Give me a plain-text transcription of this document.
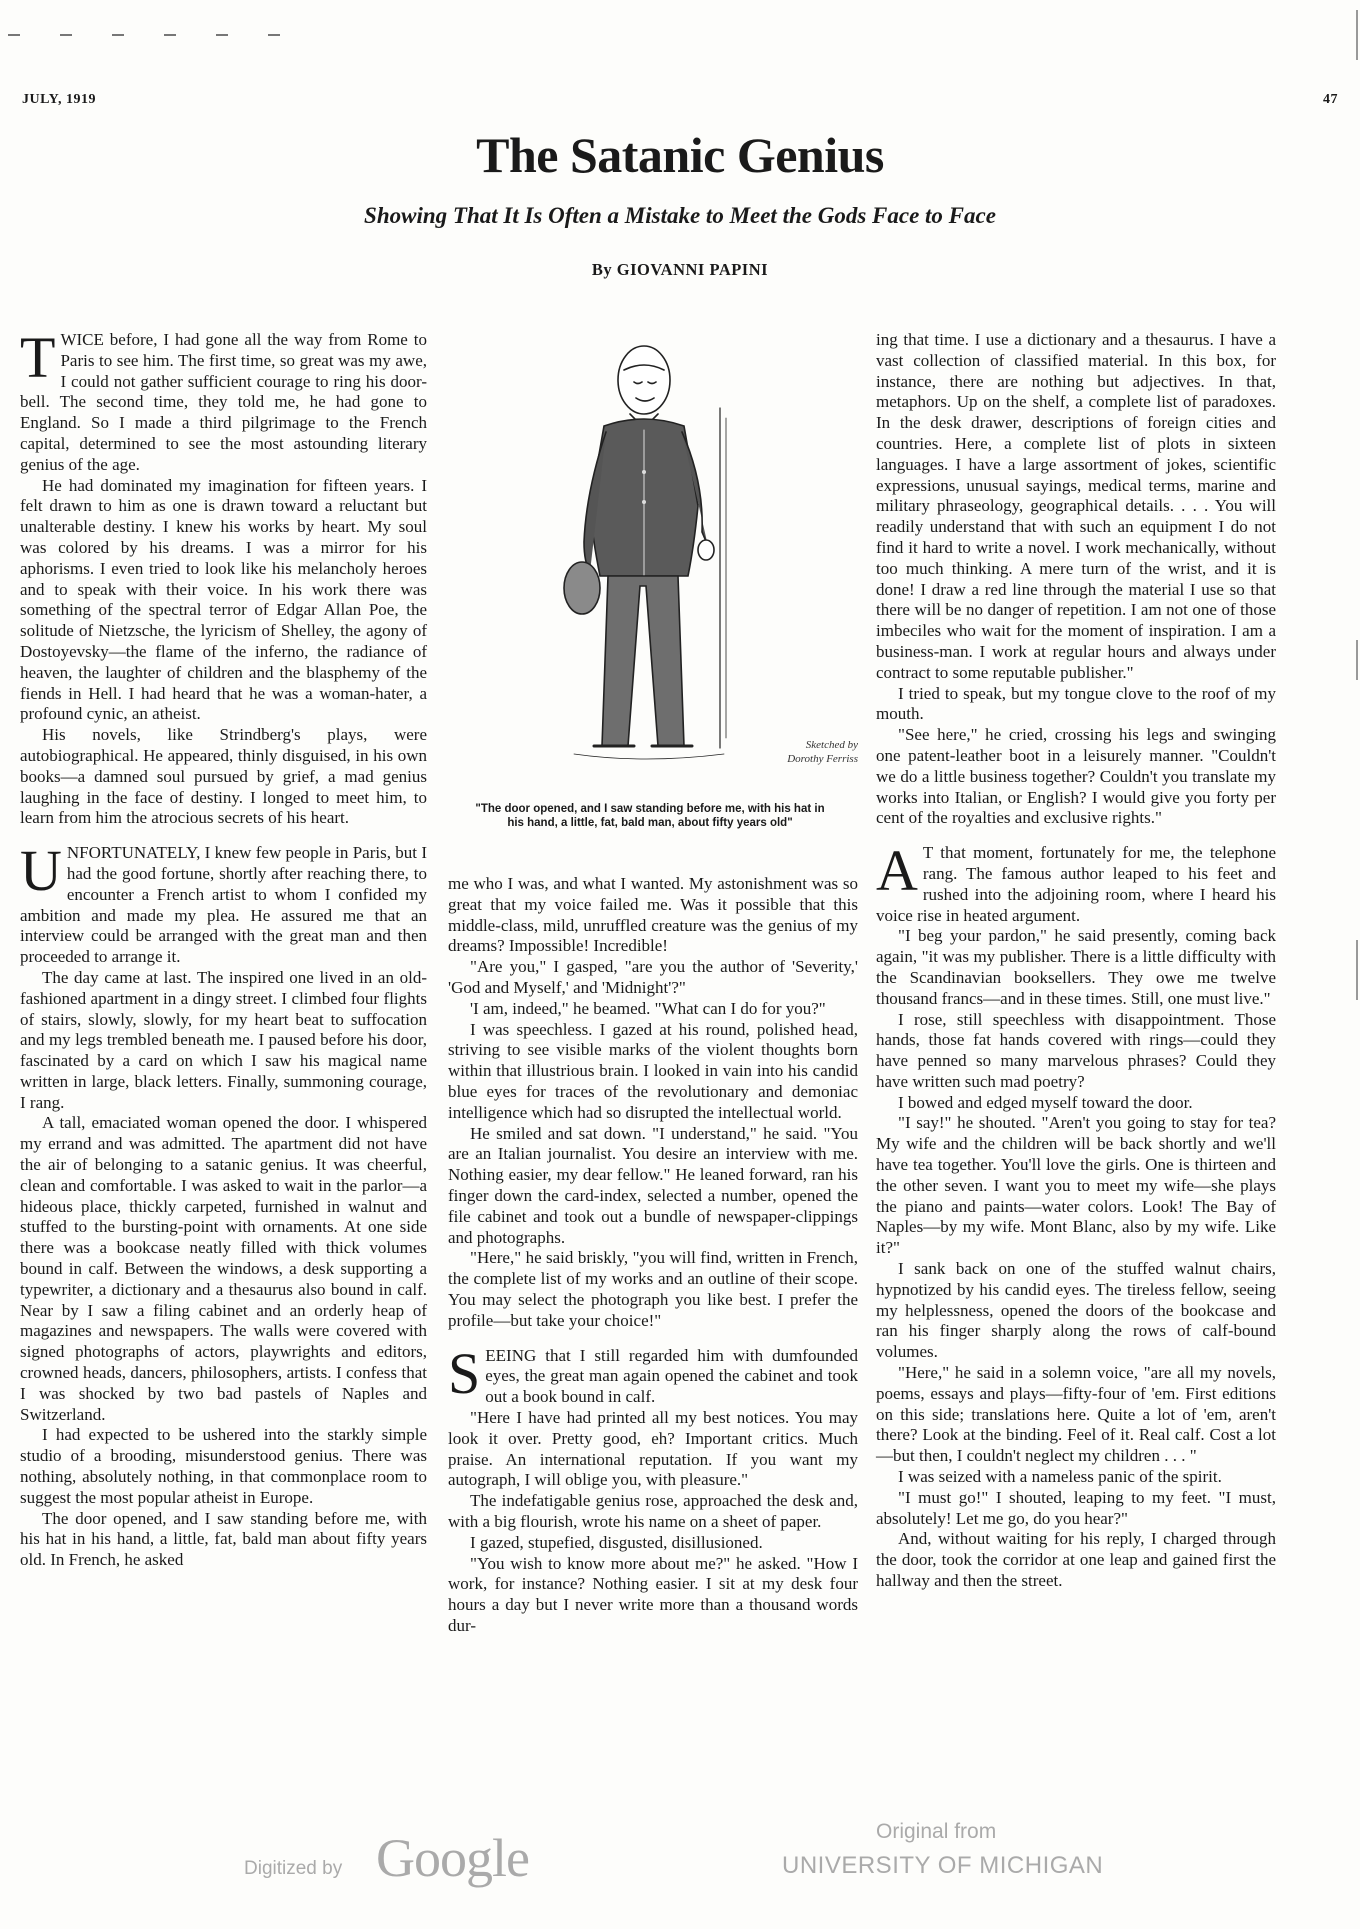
JULY, 1919	47
The Satanic Genius
Showing That It Is Often a Mistake to Meet the Gods Face to Face
By GIOVANNI PAPINI

TWICE before, I had gone all the way from Rome to Paris to see him. The first time, so great was my awe, I could not gather sufficient courage to ring his door-bell. The second time, they told me, he had gone to England. So I made a third pilgrimage to the French capital, determined to see the most astounding literary genius of the age.

He had dominated my imagination for fifteen years. I felt drawn to him as one is drawn toward a reluctant but unalterable destiny. I knew his works by heart. My soul was colored by his dreams. I was a mirror for his aphorisms. I even tried to look like his melancholy heroes and to speak with their voice. In his work there was something of the spectral terror of Edgar Allan Poe, the solitude of Nietzsche, the lyricism of Shelley, the agony of Dostoyevsky—the flame of the inferno, the radiance of heaven, the laughter of children and the blasphemy of the fiends in Hell. I had heard that he was a woman-hater, a profound cynic, an atheist.

His novels, like Strindberg's plays, were autobiographical. He appeared, thinly disguised, in his own books—a damned soul pursued by grief, a mad genius laughing in the face of destiny. I longed to meet him, to learn from him the atrocious secrets of his heart.

UNFORTUNATELY, I knew few people in Paris, but I had the good fortune, shortly after reaching there, to encounter a French artist to whom I confided my ambition and made my plea. He assured me that an interview could be arranged with the great man and then proceeded to arrange it.

The day came at last. The inspired one lived in an old-fashioned apartment in a dingy street. I climbed four flights of stairs, slowly, slowly, for my heart beat to suffocation and my legs trembled beneath me. I paused before his door, fascinated by a card on which I saw his magical name written in large, black letters. Finally, summoning courage, I rang.

A tall, emaciated woman opened the door. I whispered my errand and was admitted. The apartment did not have the air of belonging to a satanic genius. It was cheerful, clean and comfortable. I was asked to wait in the parlor—a hideous place, thickly carpeted, furnished in walnut and stuffed to the bursting-point with ornaments. At one side there was a bookcase neatly filled with thick volumes bound in calf. Between the windows, a desk supporting a typewriter, a dictionary and a thesaurus also bound in calf. Near by I saw a filing cabinet and an orderly heap of magazines and newspapers. The walls were covered with signed photographs of actors, playwrights and editors, crowned heads, dancers, philosophers, artists. I confess that I was shocked by two bad pastels of Naples and Switzerland.

I had expected to be ushered into the starkly simple studio of a brooding, misunderstood genius. There was nothing, absolutely nothing, in that commonplace room to suggest the most popular atheist in Europe.

The door opened, and I saw standing before me, with his hat in his hand, a little, fat, bald man about fifty years old. In French, he asked

Sketched by
Dorothy Ferriss
"The door opened, and I saw standing before me, with his hat in his hand, a little, fat, bald man, about fifty years old"

me who I was, and what I wanted. My astonishment was so great that my voice failed me. Was it possible that this middle-class, mild, unruffled creature was the genius of my dreams? Impossible! Incredible!

"Are you," I gasped, "are you the author of 'Severity,' 'God and Myself,' and 'Midnight'?"

'I am, indeed," he beamed. "What can I do for you?"

I was speechless. I gazed at his round, polished head, striving to see visible marks of the violent thoughts born within that illustrious brain. I looked in vain into his candid blue eyes for traces of the revolutionary and demoniac intelligence which had so disrupted the intellectual world.

He smiled and sat down. "I understand," he said. "You are an Italian journalist. You desire an interview with me. Nothing easier, my dear fellow." He leaned forward, ran his finger down the card-index, selected a number, opened the file cabinet and took out a bundle of newspaper-clippings and photographs.

"Here," he said briskly, "you will find, written in French, the complete list of my works and an outline of their scope. You may select the photograph you like best. I prefer the profile—but take your choice!"

SEEING that I still regarded him with dumfounded eyes, the great man again opened the cabinet and took out a book bound in calf.

"Here I have had printed all my best notices. You may look it over. Pretty good, eh? Important critics. Much praise. An international reputation. If you want my autograph, I will oblige you, with pleasure."

The indefatigable genius rose, approached the desk and, with a big flourish, wrote his name on a sheet of paper.

I gazed, stupefied, disgusted, disillusioned.

"You wish to know more about me?" he asked. "How I work, for instance? Nothing easier. I sit at my desk four hours a day but I never write more than a thousand words dur-

ing that time. I use a dictionary and a thesaurus. I have a vast collection of classified material. In this box, for instance, there are nothing but adjectives. In that, metaphors. Up on the shelf, a complete list of paradoxes. In the desk drawer, descriptions of foreign cities and countries. Here, a complete list of plots in sixteen languages. I have a large assortment of jokes, scientific expressions, unusual sayings, medical terms, marine and military phraseology, geographical details. . . . You will readily understand that with such an equipment I do not find it hard to write a novel. I work mechanically, without too much thinking. A mere turn of the wrist, and it is done! I draw a red line through the material I use so that there will be no danger of repetition. I am not one of those imbeciles who wait for the moment of inspiration. I am a business-man. I work at regular hours and always under contract to some reputable publisher."

I tried to speak, but my tongue clove to the roof of my mouth.

"See here," he cried, crossing his legs and swinging one patent-leather boot in a leisurely manner. "Couldn't we do a little business together? Couldn't you translate my works into Italian, or English? I would give you forty per cent of the royalties and exclusive rights."

A T that moment, fortunately for me, the telephone rang. The famous author leaped to his feet and rushed into the adjoining room, where I heard his voice rise in heated argument.

"I beg your pardon," he said presently, coming back again, "it was my publisher. There is a little difficulty with the Scandinavian booksellers. They owe me twelve thousand francs—and in these times. Still, one must live."

I rose, still speechless with disappointment. Those hands, those fat hands covered with rings—could they have penned so many marvelous phrases? Could they have written such mad poetry?

I bowed and edged myself toward the door.

"I say!" he shouted. "Aren't you going to stay for tea? My wife and the children will be back shortly and we'll have tea together. You'll love the girls. One is thirteen and the other seven. I want you to meet my wife—she plays the piano and paints—water colors. Look! The Bay of Naples—by my wife. Mont Blanc, also by my wife. Like it?"

I sank back on one of the stuffed walnut chairs, hypnotized by his candid eyes. The tireless fellow, seeing my helplessness, opened the doors of the bookcase and ran his finger sharply along the rows of calf-bound volumes.

"Here," he said in a solemn voice, "are all my novels, poems, essays and plays—fifty-four of 'em. First editions on this side; translations here. Quite a lot of 'em, aren't there? Look at the binding. Feel of it. Real calf. Cost a lot—but then, I couldn't neglect my children . . . "

I was seized with a nameless panic of the spirit.

"I must go!" I shouted, leaping to my feet. "I must, absolutely! Let me go, do you hear?"

And, without waiting for his reply, I charged through the door, took the corridor at one leap and gained first the hallway and then the street.

Digitized by Google	Original from
UNIVERSITY OF MICHIGAN
